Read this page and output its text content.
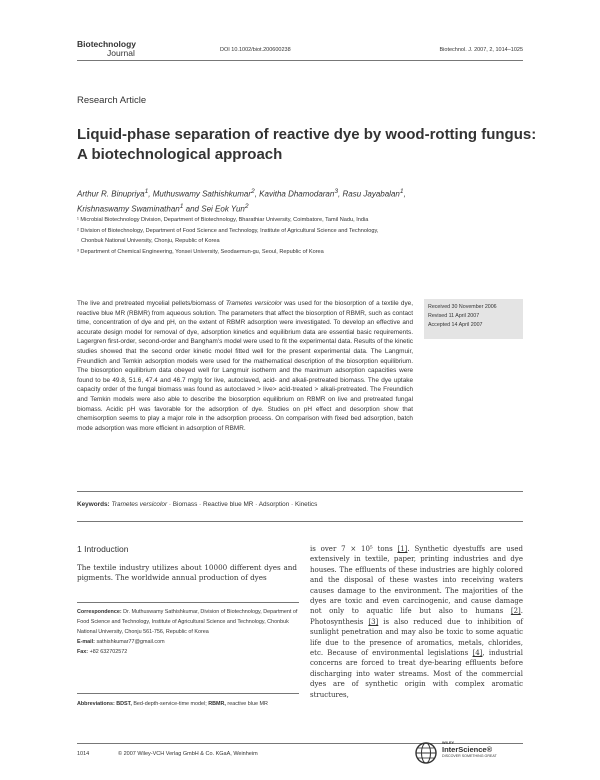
Biotechnology
Journal	DOI 10.1002/biot.200600238	Biotechnol. J. 2007, 2, 1014–1025
Research Article
Liquid-phase separation of reactive dye by wood-rotting fungus:
A biotechnological approach
Arthur R. Binupriya$^1$, Muthuswamy Sathishkumar$^2$, Kavitha Dhamodaran$^3$, Rasu Jayabalan$^1$,
Krishnaswamy Swaminathan$^1$ and Sei Eok Yun$^2$

¹ Microbial Biotechnology Division, Department of Biotechnology, Bharathiar University, Coimbatore, Tamil Nadu, India

² Division of Biotechnology, Department of Food Science and Technology, Institute of Agricultural Science and Technology,

Chonbuk National University, Chonju, Republic of Korea

³ Department of Chemical Engineering, Yonsei University, Seodaemun-gu, Seoul, Republic of Korea

The live and pretreated mycelial pellets/biomass of Trametes versicolor was used for the biosorption of a textile dye, reactive blue MR (RBMR) from aqueous solution. The parameters that affect the biosorption of RBMR, such as contact time, concentration of dye and pH, on the extent of RBMR adsorption were investigated. To develop an effective and accurate design model for removal of dye, adsorption kinetics and equilibrium data are essential basic requirements. Lagergren first-order, second-order and Bangham’s model were used to fit the experimental data. Results of the kinetic studies showed that the second order kinetic model fitted well for the present experimental data. The Langmuir, Freundlich and Temkin adsorption models were used for the mathematical description of the biosorption equilibrium. The biosorption equilibrium data obeyed well for Langmuir isotherm and the maximum adsorption capacities were found to be 49.8, 51.6, 47.4 and 46.7 mg/g for live, autoclaved, acid- and alkali-pretreated biomass. The dye uptake capacity order of the fungal biomass was found as autoclaved > live> acid-treated > alkali-pretreated. The Freundlich and Temkin models were also able to describe the biosorption equilibrium on RBMR on live and pretreated fungal biomass. Acidic pH was favorable for the adsorption of dye. Studies on pH effect and desorption show that chemisorption seems to play a major role in the adsorption process. On comparison with fixed bed adsorption, batch mode adsorption was more efficient in adsorption of RBMR.
Received 30 November 2006
Revised 11 April 2007
Accepted 14 April 2007
Keywords: Trametes versicolor · Biomass · Reactive blue MR · Adsorption · Kinetics
1 Introduction
The textile industry utilizes about 10000 different dyes and pigments. The worldwide annual production of dyes
is over 7 × 10⁵ tons [1]. Synthetic dyestuffs are used extensively in textile, paper, printing industries and dye houses. The effluents of these industries are highly colored and the disposal of these wastes into receiving waters causes damage to the environment. The majorities of the dyes are toxic and even carcinogenic, and cause damage not only to aquatic life but also to humans [2]. Photosynthesis [3] is also reduced due to inhibition of sunlight penetration and may also be toxic to some aquatic life due to the presence of aromatics, metals, chlorides, etc. Because of environmental legislations [4], industrial concerns are forced to treat dye-bearing effluents before discharging into water streams. Most of the commercial dyes are of synthetic origin with complex aromatic structures,
Correspondence: Dr. Muthuswamy Sathishkumar, Division of Biotechnology, Department of Food Science and Technology, Institute of Agricultural Science and Technology, Chonbuk National University, Chonju 561-756, Republic of Korea
E-mail: sathishkumar77@gmail.com
Fax: +82 632702572
Abbreviations: BDST, Bed-depth-service-time model; RBMR, reactive blue MR
1014	© 2007 Wiley-VCH Verlag GmbH & Co. KGaA, Weinheim
WILEY
InterScience®
DISCOVER SOMETHING GREAT
